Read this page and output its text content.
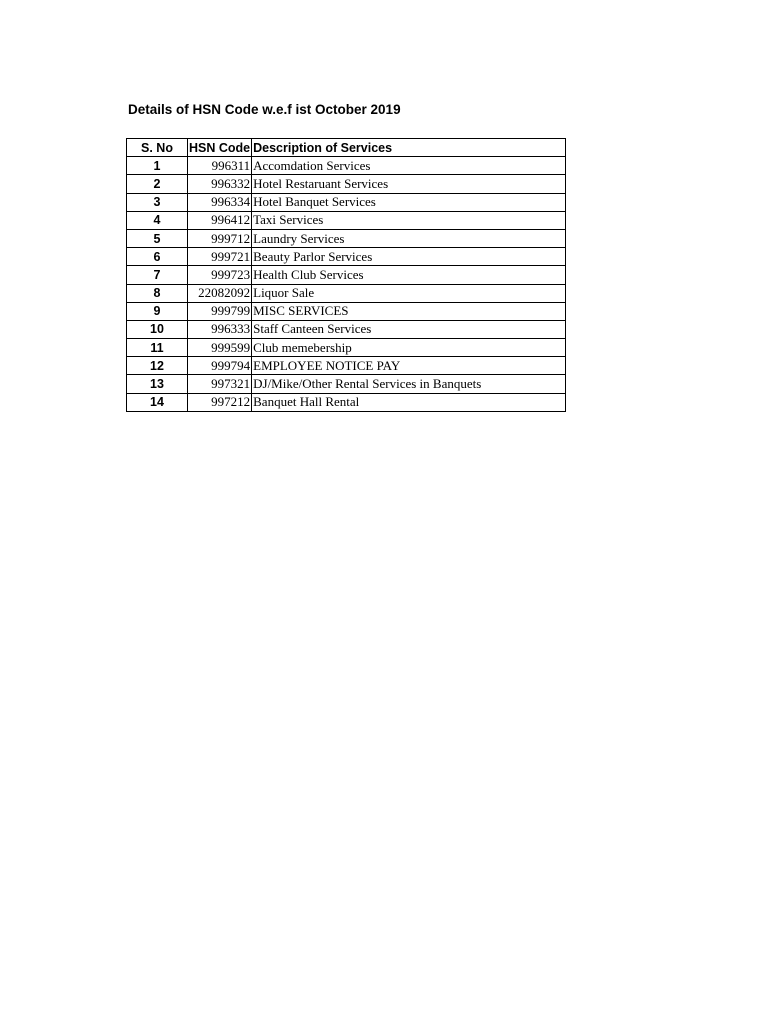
Details of HSN Code w.e.f ist October 2019
S. No	HSN Code	Description of Services
1	996311	Accomdation Services
2	996332	Hotel Restaruant Services
3	996334	Hotel Banquet Services
4	996412	Taxi Services
5	999712	Laundry Services
6	999721	Beauty Parlor Services
7	999723	Health Club Services
8	22082092	Liquor Sale
9	999799	MISC SERVICES
10	996333	Staff Canteen Services
11	999599	Club memebership
12	999794	EMPLOYEE NOTICE PAY
13	997321	DJ/Mike/Other Rental Services in Banquets
14	997212	Banquet Hall Rental
